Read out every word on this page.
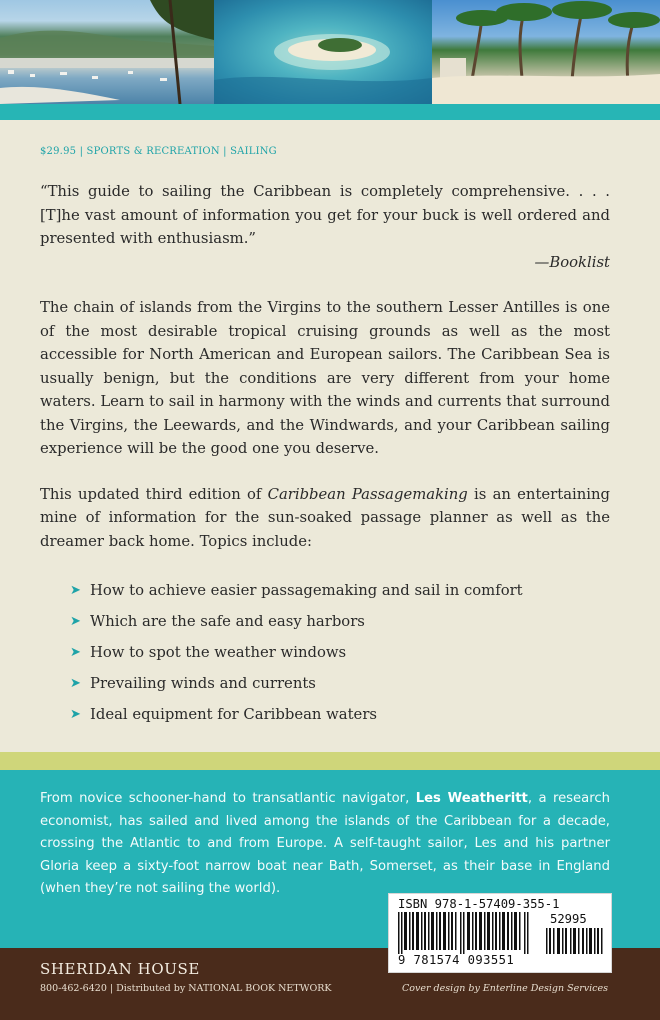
$29.95 | SPORTS & RECREATION | SAILING

“This guide to sailing the Caribbean is completely comprehensive. . . . [T]he vast amount of information you get for your buck is well ordered and presented with enthusiasm.”

—Booklist

The chain of islands from the Virgins to the southern Lesser Antilles is one of the most desirable tropical cruising grounds as well as the most accessible for North American and European sailors. The Caribbean Sea is usually benign, but the conditions are very different from your home waters. Learn to sail in harmony with the winds and currents that surround the Virgins, the Leewards, and the Windwards, and your Caribbean sailing experience will be the good one you deserve.

This updated third edition of Caribbean Passagemaking is an entertaining mine of information for the sun-soaked passage planner as well as the dreamer back home. Topics include:

➤ How to achieve easier passagemaking and sail in comfort
➤ Which are the safe and easy harbors
➤ How to spot the weather windows
➤ Prevailing winds and currents
➤ Ideal equipment for Caribbean waters

From novice schooner-hand to transatlantic navigator, Les Weatheritt, a research economist, has sailed and lived among the islands of the Caribbean for a decade, crossing the Atlantic to and from Europe. A self-taught sailor, Les and his partner Gloria keep a sixty-foot narrow boat near Bath, Somerset, as their base in England (when they’re not sailing the world).

SHERIDAN HOUSE
800-462-6420 | Distributed by NATIONAL BOOK NETWORK	Cover design by Enterline Design Services
ISBN 978-1-57409-355-1
52995
9 781574 093551
